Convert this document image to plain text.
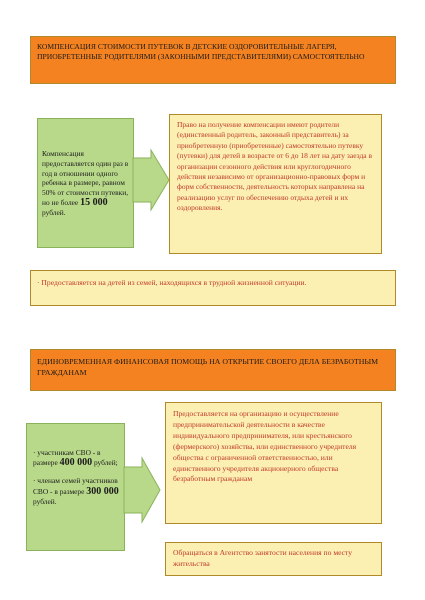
КОМПЕНСАЦИЯ СТОИМОСТИ ПУТЕВОК В ДЕТСКИЕ ОЗДОРОВИТЕЛЬНЫЕ ЛАГЕРЯ, ПРИОБРЕТЕННЫЕ РОДИТЕЛЯМИ (ЗАКОННЫМИ ПРЕДСТАВИТЕЛЯМИ) САМОСТОЯТЕЛЬНО
Компенсация предоставляется один раз в год в отношении одного ребенка в размере, равном 50% от стоимости путевки, но не более 15 000 рублей.
Право на получение компенсации имеют родители (единственный родитель, законный представитель) за приобретенную (приобретенные) самостоятельно путевку (путевки) для детей в возрасте от 6 до 18 лет на дату заезда в организации сезонного действия или круглогодичного действия независимо от организационно-правовых форм и форм собственности, деятельность которых направлена на реализацию услуг по обеспечению отдыха детей и их оздоровления.
· Предоставляется на детей из семей, находящихся в трудной жизненной ситуации.
ЕДИНОВРЕМЕННАЯ ФИНАНСОВАЯ ПОМОЩЬ НА ОТКРЫТИЕ СВОЕГО ДЕЛА БЕЗРАБОТНЫМ ГРАЖДАНАМ

· участникам СВО - в размере 400 000 рублей;

· членам семей участников СВО - в размере 300 000 рублей.

Предоставляется на организацию и осуществление предпринимательской деятельности в качестве индивидуального предпринимателя, или крестьянского (фермерского) хозяйства, или единственного учредителя общества с ограниченной ответственностью, или единственного учредителя акционерного общества безработным гражданам
Обращаться в Агентство занятости населения по месту жительства
